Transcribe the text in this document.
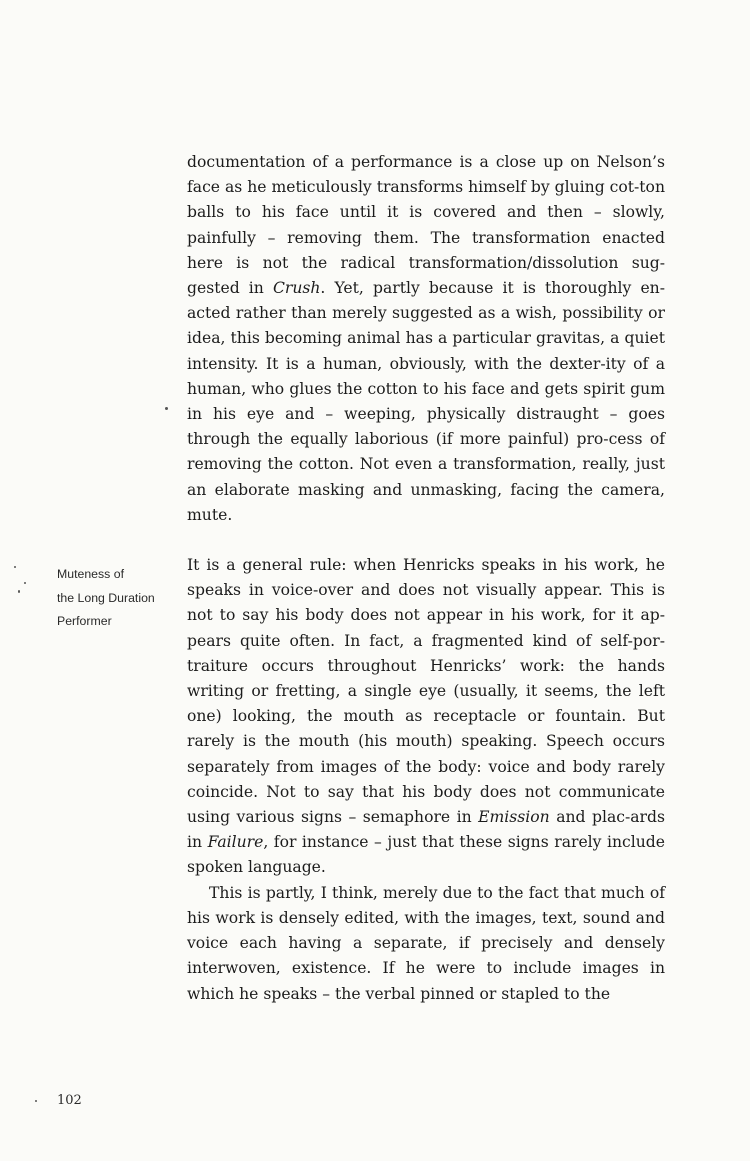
Muteness of
the Long Duration
Performer

documentation of a performance is a close up on Nelson’s face as he meticulously transforms himself by gluing cot-ton balls to his face until it is covered and then – slowly, painfully – removing them. The transformation enacted here is not the radical transformation/dissolution sug-gested in Crush. Yet, partly because it is thoroughly en-acted rather than merely suggested as a wish, possibility or idea, this becoming animal has a particular gravitas, a quiet intensity. It is a human, obviously, with the dexter-ity of a human, who glues the cotton to his face and gets spirit gum in his eye and – weeping, physically distraught – goes through the equally laborious (if more painful) pro-cess of removing the cotton. Not even a transformation, really, just an elaborate masking and unmasking, facing the camera, mute.

It is a general rule: when Henricks speaks in his work, he speaks in voice-over and does not visually appear. This is not to say his body does not appear in his work, for it ap-pears quite often. In fact, a fragmented kind of self-por-traiture occurs throughout Henricks’ work: the hands writing or fretting, a single eye (usually, it seems, the left one) looking, the mouth as receptacle or fountain. But rarely is the mouth (his mouth) speaking. Speech occurs separately from images of the body: voice and body rarely coincide. Not to say that his body does not communicate using various signs – semaphore in Emission and plac-ards in Failure, for instance – just that these signs rarely include spoken language.

This is partly, I think, merely due to the fact that much of his work is densely edited, with the images, text, sound and voice each having a separate, if precisely and densely interwoven, existence. If he were to include images in which he speaks – the verbal pinned or stapled to the

102
